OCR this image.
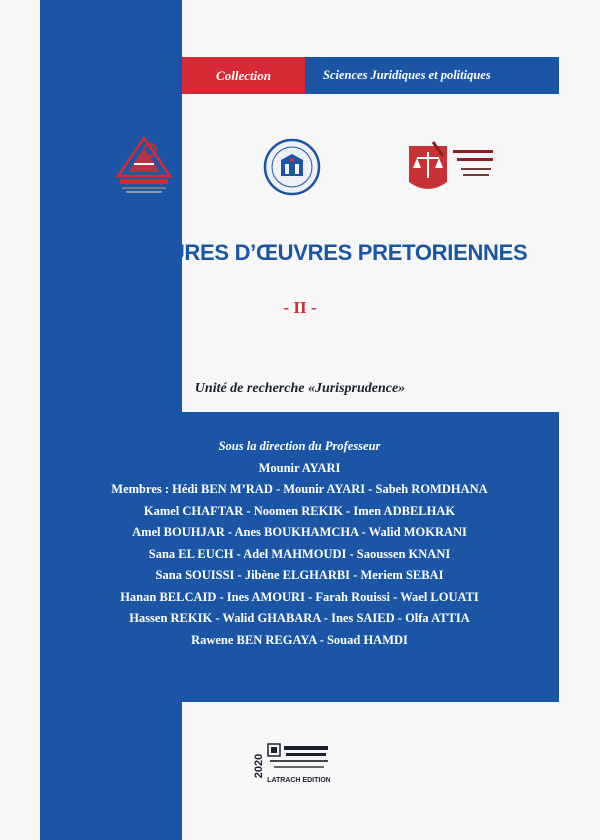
Collection	Sciences Juridiques et politiques
LECTURES D’ŒUVRES PRETORIENNES
- II -
Unité de recherche «Jurisprudence»
Sous la direction du Professeur
Mounir AYARI
Membres : Hédi BEN M’RAD - Mounir AYARI - Sabeh ROMDHANA
Kamel CHAFTAR - Noomen REKIK - Imen ADBELHAK
Amel BOUHJAR - Anes BOUKHAMCHA - Walid MOKRANI
Sana EL EUCH - Adel MAHMOUDI - Saoussen KNANI
Sana SOUISSI - Jibène ELGHARBI - Meriem SEBAI
Hanan BELCAID - Ines AMOURI - Farah Rouissi - Wael LOUATI
Hassen REKIK - Walid GHABARA - Ines SAIED - Olfa ATTIA
Rawene BEN REGAYA - Souad HAMDI
2020
LATRACH EDITION
